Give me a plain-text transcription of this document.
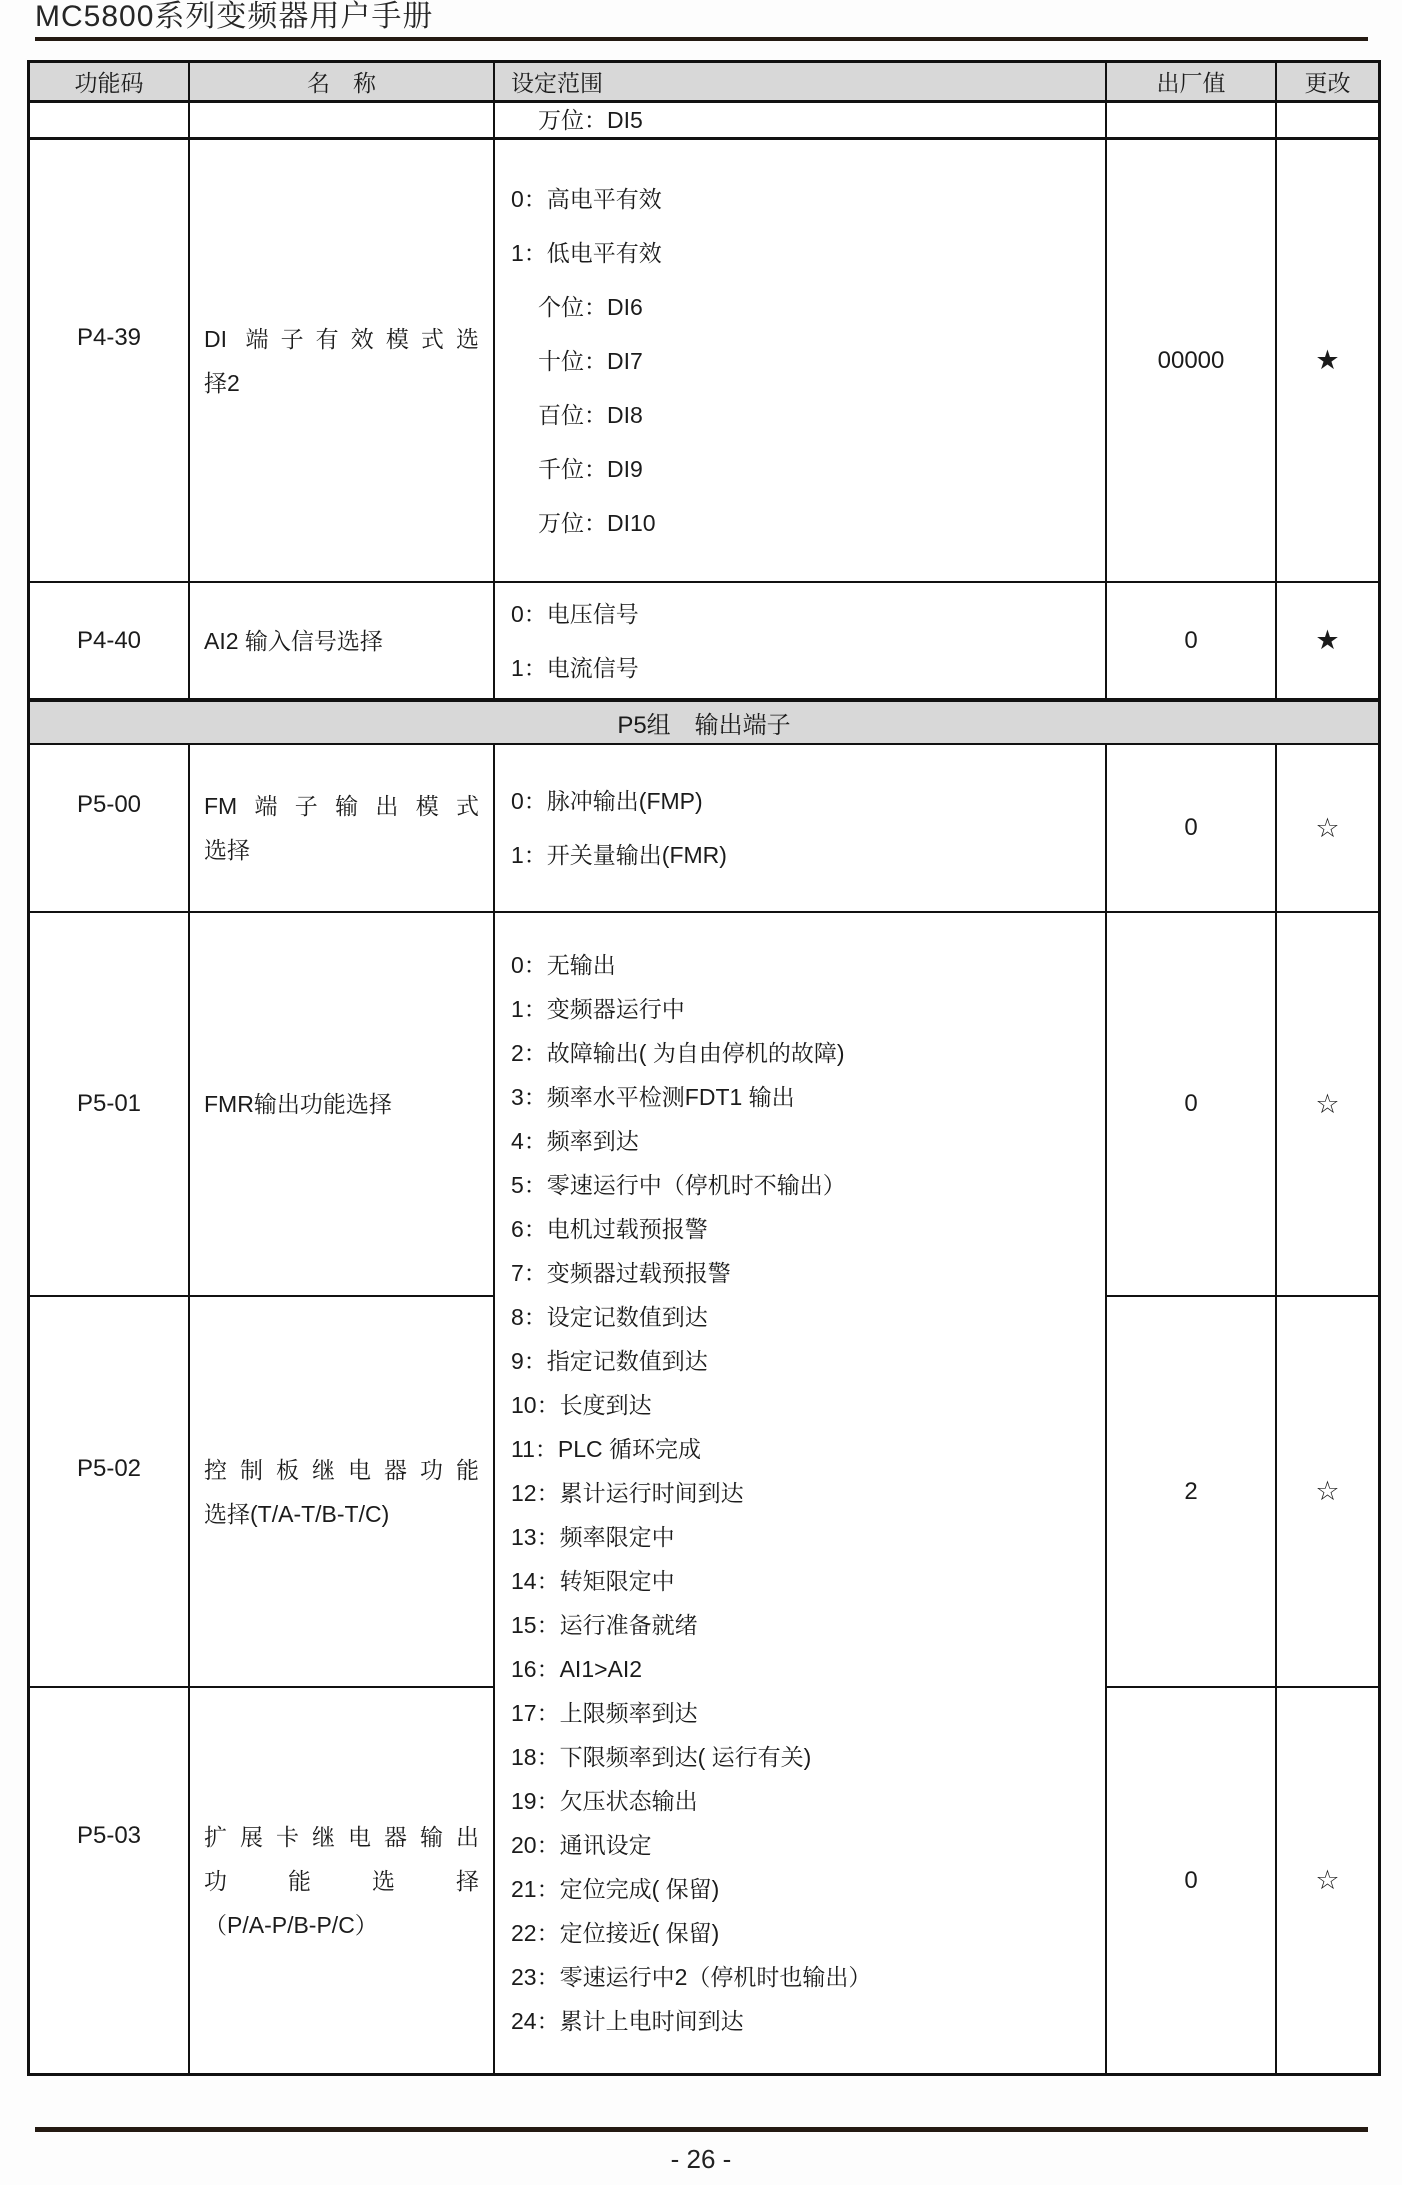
MC5800系列变频器用户手册
功能码	名　称	设定范围	出厂值	更改
万位：DI5
P4-39	DI 端子有效模式选
择2
0：高电平有效
1：低电平有效
个位：DI6
十位：DI7
百位：DI8
千位：DI9
万位：DI10
00000	★
P4-40	AI2 输入信号选择
0：电压信号
1：电流信号
0	★
P5组　输出端子
P5-00	FM端子输出模式
选择
0：脉冲输出(FMP)
1：开关量输出(FMR)
0	☆
P5-01	FMR输出功能选择
0：无输出
1：变频器运行中
2：故障输出( 为自由停机的故障)
3：频率水平检测FDT1 输出
4：频率到达
5：零速运行中（停机时不输出）
6：电机过载预报警
7：变频器过载预报警
8：设定记数值到达
9：指定记数值到达
10：长度到达
11：PLC 循环完成
12：累计运行时间到达
13：频率限定中
14：转矩限定中
15：运行准备就绪
16：AI1>AI2
17：上限频率到达
18：下限频率到达( 运行有关)
19：欠压状态输出
20：通讯设定
21：定位完成( 保留)
22：定位接近( 保留)
23：零速运行中2（停机时也输出）
24：累计上电时间到达
0	☆
P5-02	控制板继电器功能
选择(T/A-T/B-T/C)
2	☆
P5-03	扩展卡继电器输出
功能选择
（P/A-P/B-P/C）
0	☆
- 26 -
